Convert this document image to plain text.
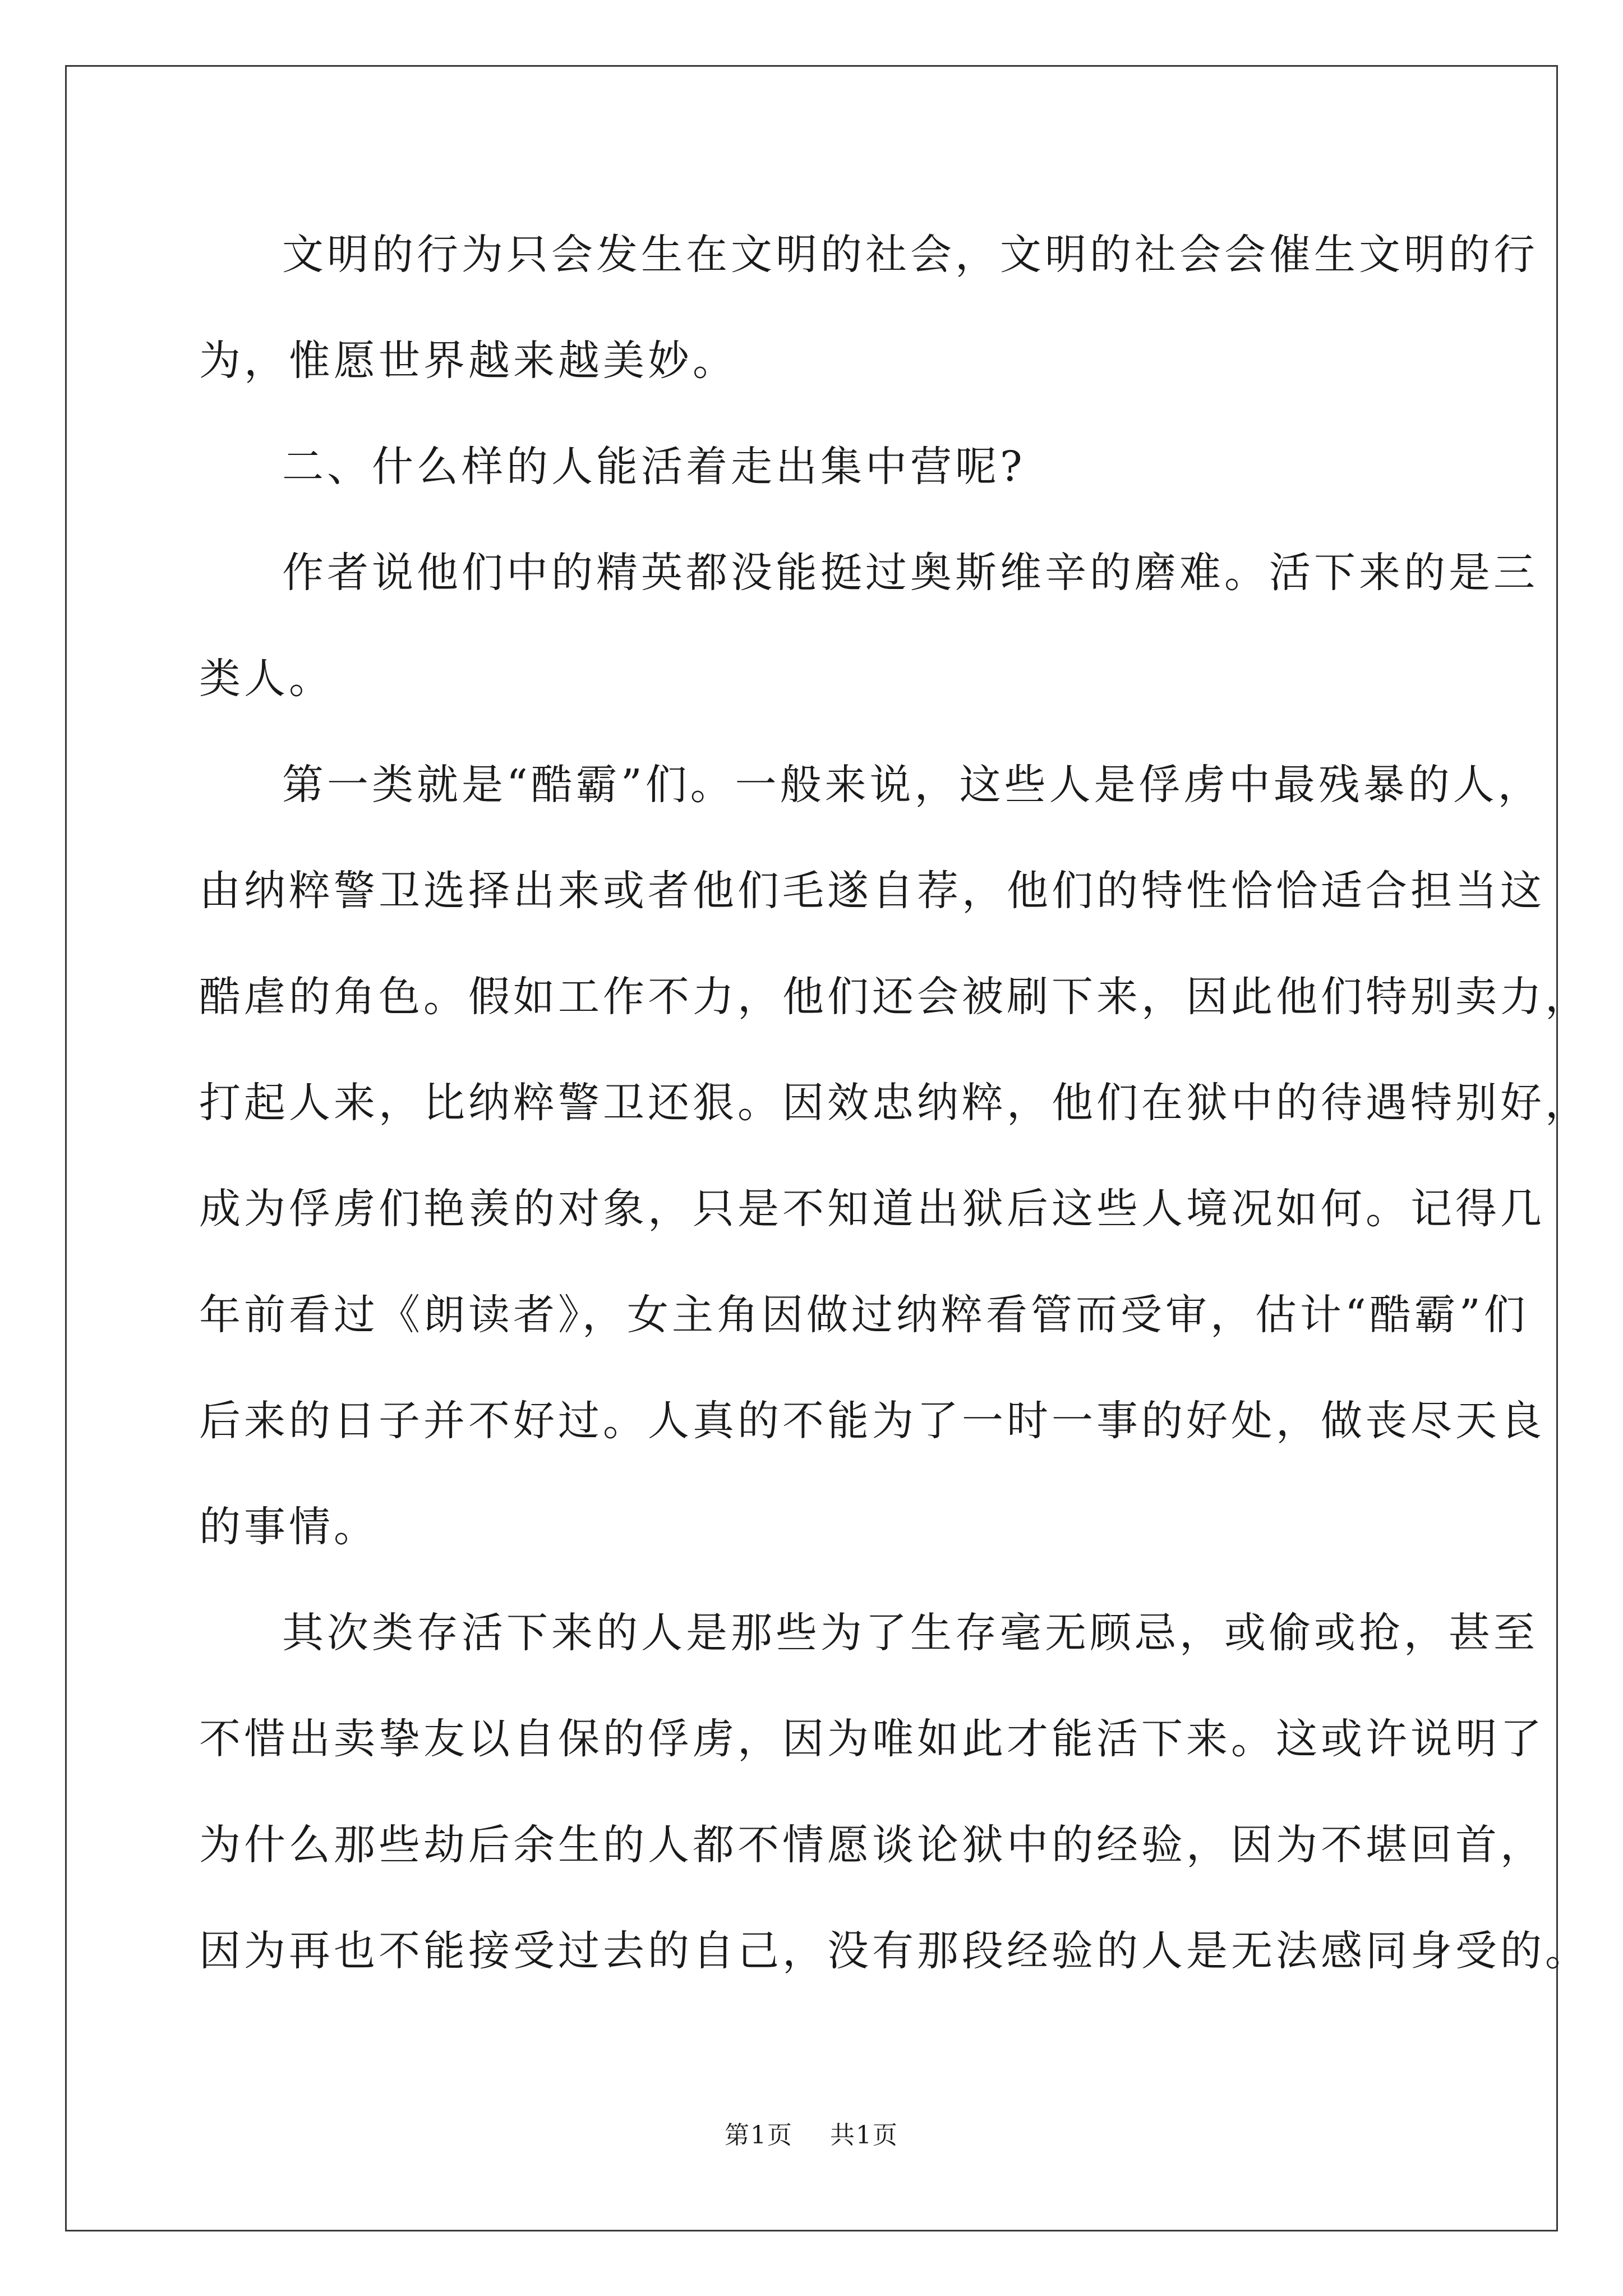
文明的行为只会发生在文明的社会，文明的社会会催生文明的行
为，惟愿世界越来越美妙。
二、什么样的人能活着走出集中营呢?
作者说他们中的精英都没能挺过奥斯维辛的磨难。活下来的是三
类人。
第一类就是“酷霸”们。一般来说，这些人是俘虏中最残暴的人，
由纳粹警卫选择出来或者他们毛遂自荐，他们的特性恰恰适合担当这
酷虐的角色。假如工作不力，他们还会被刷下来，因此他们特别卖力，
打起人来，比纳粹警卫还狠。因效忠纳粹，他们在狱中的待遇特别好，
成为俘虏们艳羡的对象，只是不知道出狱后这些人境况如何。记得几
年前看过《朗读者》，女主角因做过纳粹看管而受审，估计“酷霸”们
后来的日子并不好过。人真的不能为了一时一事的好处，做丧尽天良
的事情。
其次类存活下来的人是那些为了生存毫无顾忌，或偷或抢，甚至
不惜出卖挚友以自保的俘虏，因为唯如此才能活下来。这或许说明了
为什么那些劫后余生的人都不情愿谈论狱中的经验，因为不堪回首，
因为再也不能接受过去的自己，没有那段经验的人是无法感同身受的。
第1页 共1页
